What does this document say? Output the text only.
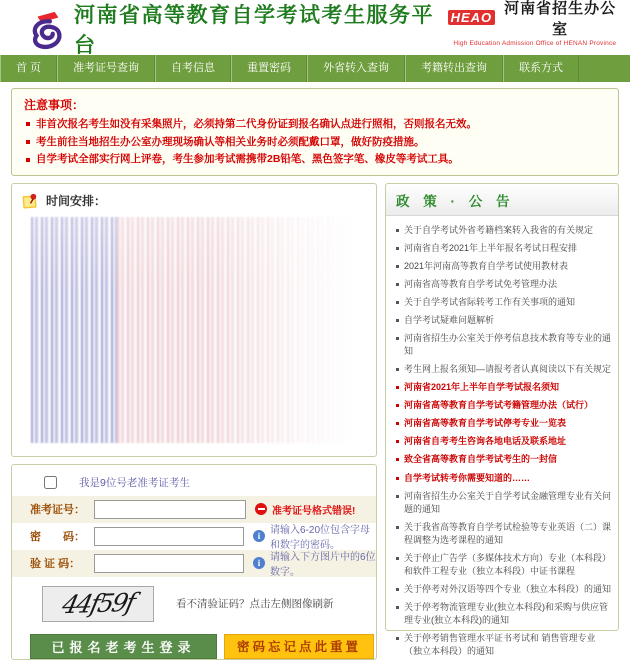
河南省高等教育自学考试考生服务平台
HEAO
河南省招生办公室
High Education Admission Office of HENAN Province
首 页	准考证号查询	自考信息	重置密码	外省转入查询	考籍转出查询	联系方式
注意事项：
非首次报名考生如没有采集照片，必须持第二代身份证到报名确认点进行照相，否则报名无效。
考生前往当地招生办公室办理现场确认等相关业务时必须配戴口罩，做好防疫措施。
自学考试全部实行网上评卷，考生参加考试需携带2B铅笔、黑色签字笔、橡皮等考试工具。
时间安排：
我是9位号老准考证考生
准考证号：	准考证号格式错误!
密　　码：
i
请输入6-20位包含字母和数字的密码。
验 证 码：
i
请输入下方图片中的6位数字。
44f59f	看不清验证码？点击左侧图像刷新
已报名老考生登录	密码忘记点此重置
政 策 · 公 告
关于自学考试外省考籍档案转入我省的有关规定
河南省自考2021年上半年报名考试日程安排
2021年河南高等教育自学考试使用教材表
河南省高等教育自学考试免考管理办法
关于自学考试省际转考工作有关事项的通知
自学考试疑难问题解析
河南省招生办公室关于停考信息技术教育等专业的通知
考生网上报名须知—请报考者认真阅读以下有关规定
河南省2021年上半年自学考试报名须知
河南省高等教育自学考试考籍管理办法（试行）
河南省高等教育自学考试停考专业一览表
河南省自考考生咨询各地电话及联系地址
致全省高等教育自学考试考生的一封信
自学考试转考你需要知道的……
河南省招生办公室关于自学考试金融管理专业有关问题的通知
关于我省高等教育自学考试检验等专业英语（二）课程调整为选考课程的通知
关于停止广告学（多媒体技术方向）专业（本科段）和软件工程专业（独立本科段）中证书课程
关于停考对外汉语等四个专业（独立本科段）的通知
关于停考物流管理专业(独立本科段)和采购与供应管理专业(独立本科段)的通知
关于停考销售管理水平证书考试和 销售管理专业（独立本科段）的通知
